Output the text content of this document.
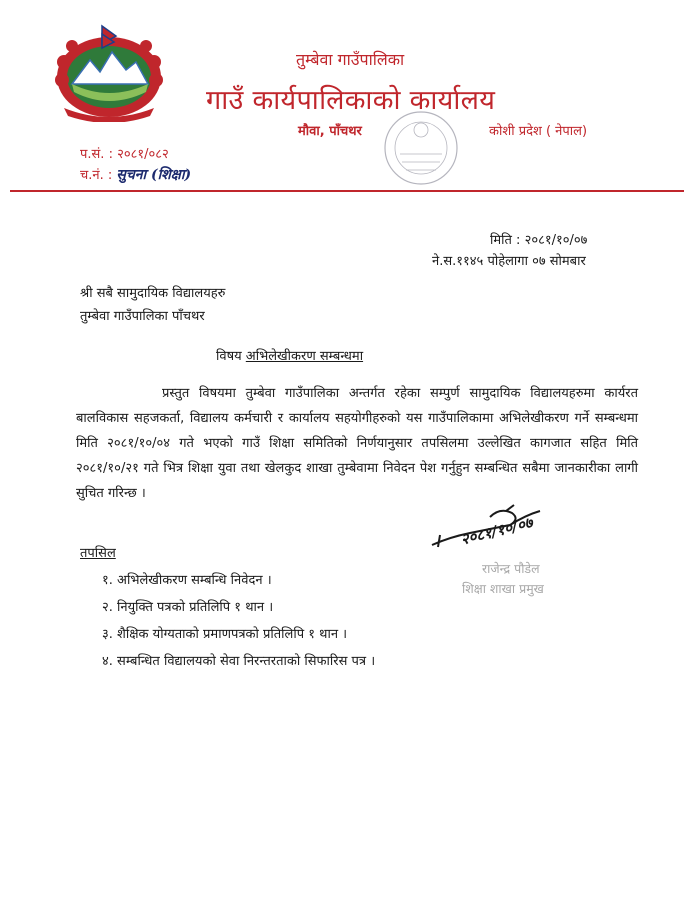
तुम्बेवा गाउँपालिका
गाउँ कार्यपालिकाको कार्यालय
मौवा, पाँचथर	कोशी प्रदेश ( नेपाल)
प.सं. : २०८१/०८२
च.नं. : सुचना (शिक्षा)
मिति : २०८१/१०/०७
ने.स.११४५ पोहेलागा ०७ सोमबार
श्री सबै सामुदायिक विद्यालयहरु
तुम्बेवा गाउँपालिका पाँचथर
विषय अभिलेखीकरण सम्बन्धमा
प्रस्तुत विषयमा तुम्बेवा गाउँपालिका अन्तर्गत रहेका सम्पुर्ण सामुदायिक विद्यालयहरुमा कार्यरत बालविकास सहजकर्ता, विद्यालय कर्मचारी र कार्यालय सहयोगीहरुको यस गाउँपालिकामा अभिलेखीकरण गर्ने सम्बन्धमा मिति २०८१/१०/०४ गते भएको गाउँ शिक्षा समितिको निर्णयानुसार तपसिलमा उल्लेखित कागजात सहित मिति २०८१/१०/२१ गते भित्र शिक्षा युवा तथा खेलकुद शाखा तुम्बेवामा निवेदन पेश गर्नुहुन सम्बन्धित सबैमा जानकारीका लागी सुचित गरिन्छ ।
२०८१/१०/०७
राजेन्द्र पौडेल
शिक्षा शाखा प्रमुख
तपसिल
१. अभिलेखीकरण सम्बन्धि निवेदन ।
२. नियुक्ति पत्रको प्रतिलिपि १ थान ।
३. शैक्षिक योग्यताको प्रमाणपत्रको प्रतिलिपि १ थान ।
४. सम्बन्धित विद्यालयको सेवा निरन्तरताको सिफारिस पत्र ।
